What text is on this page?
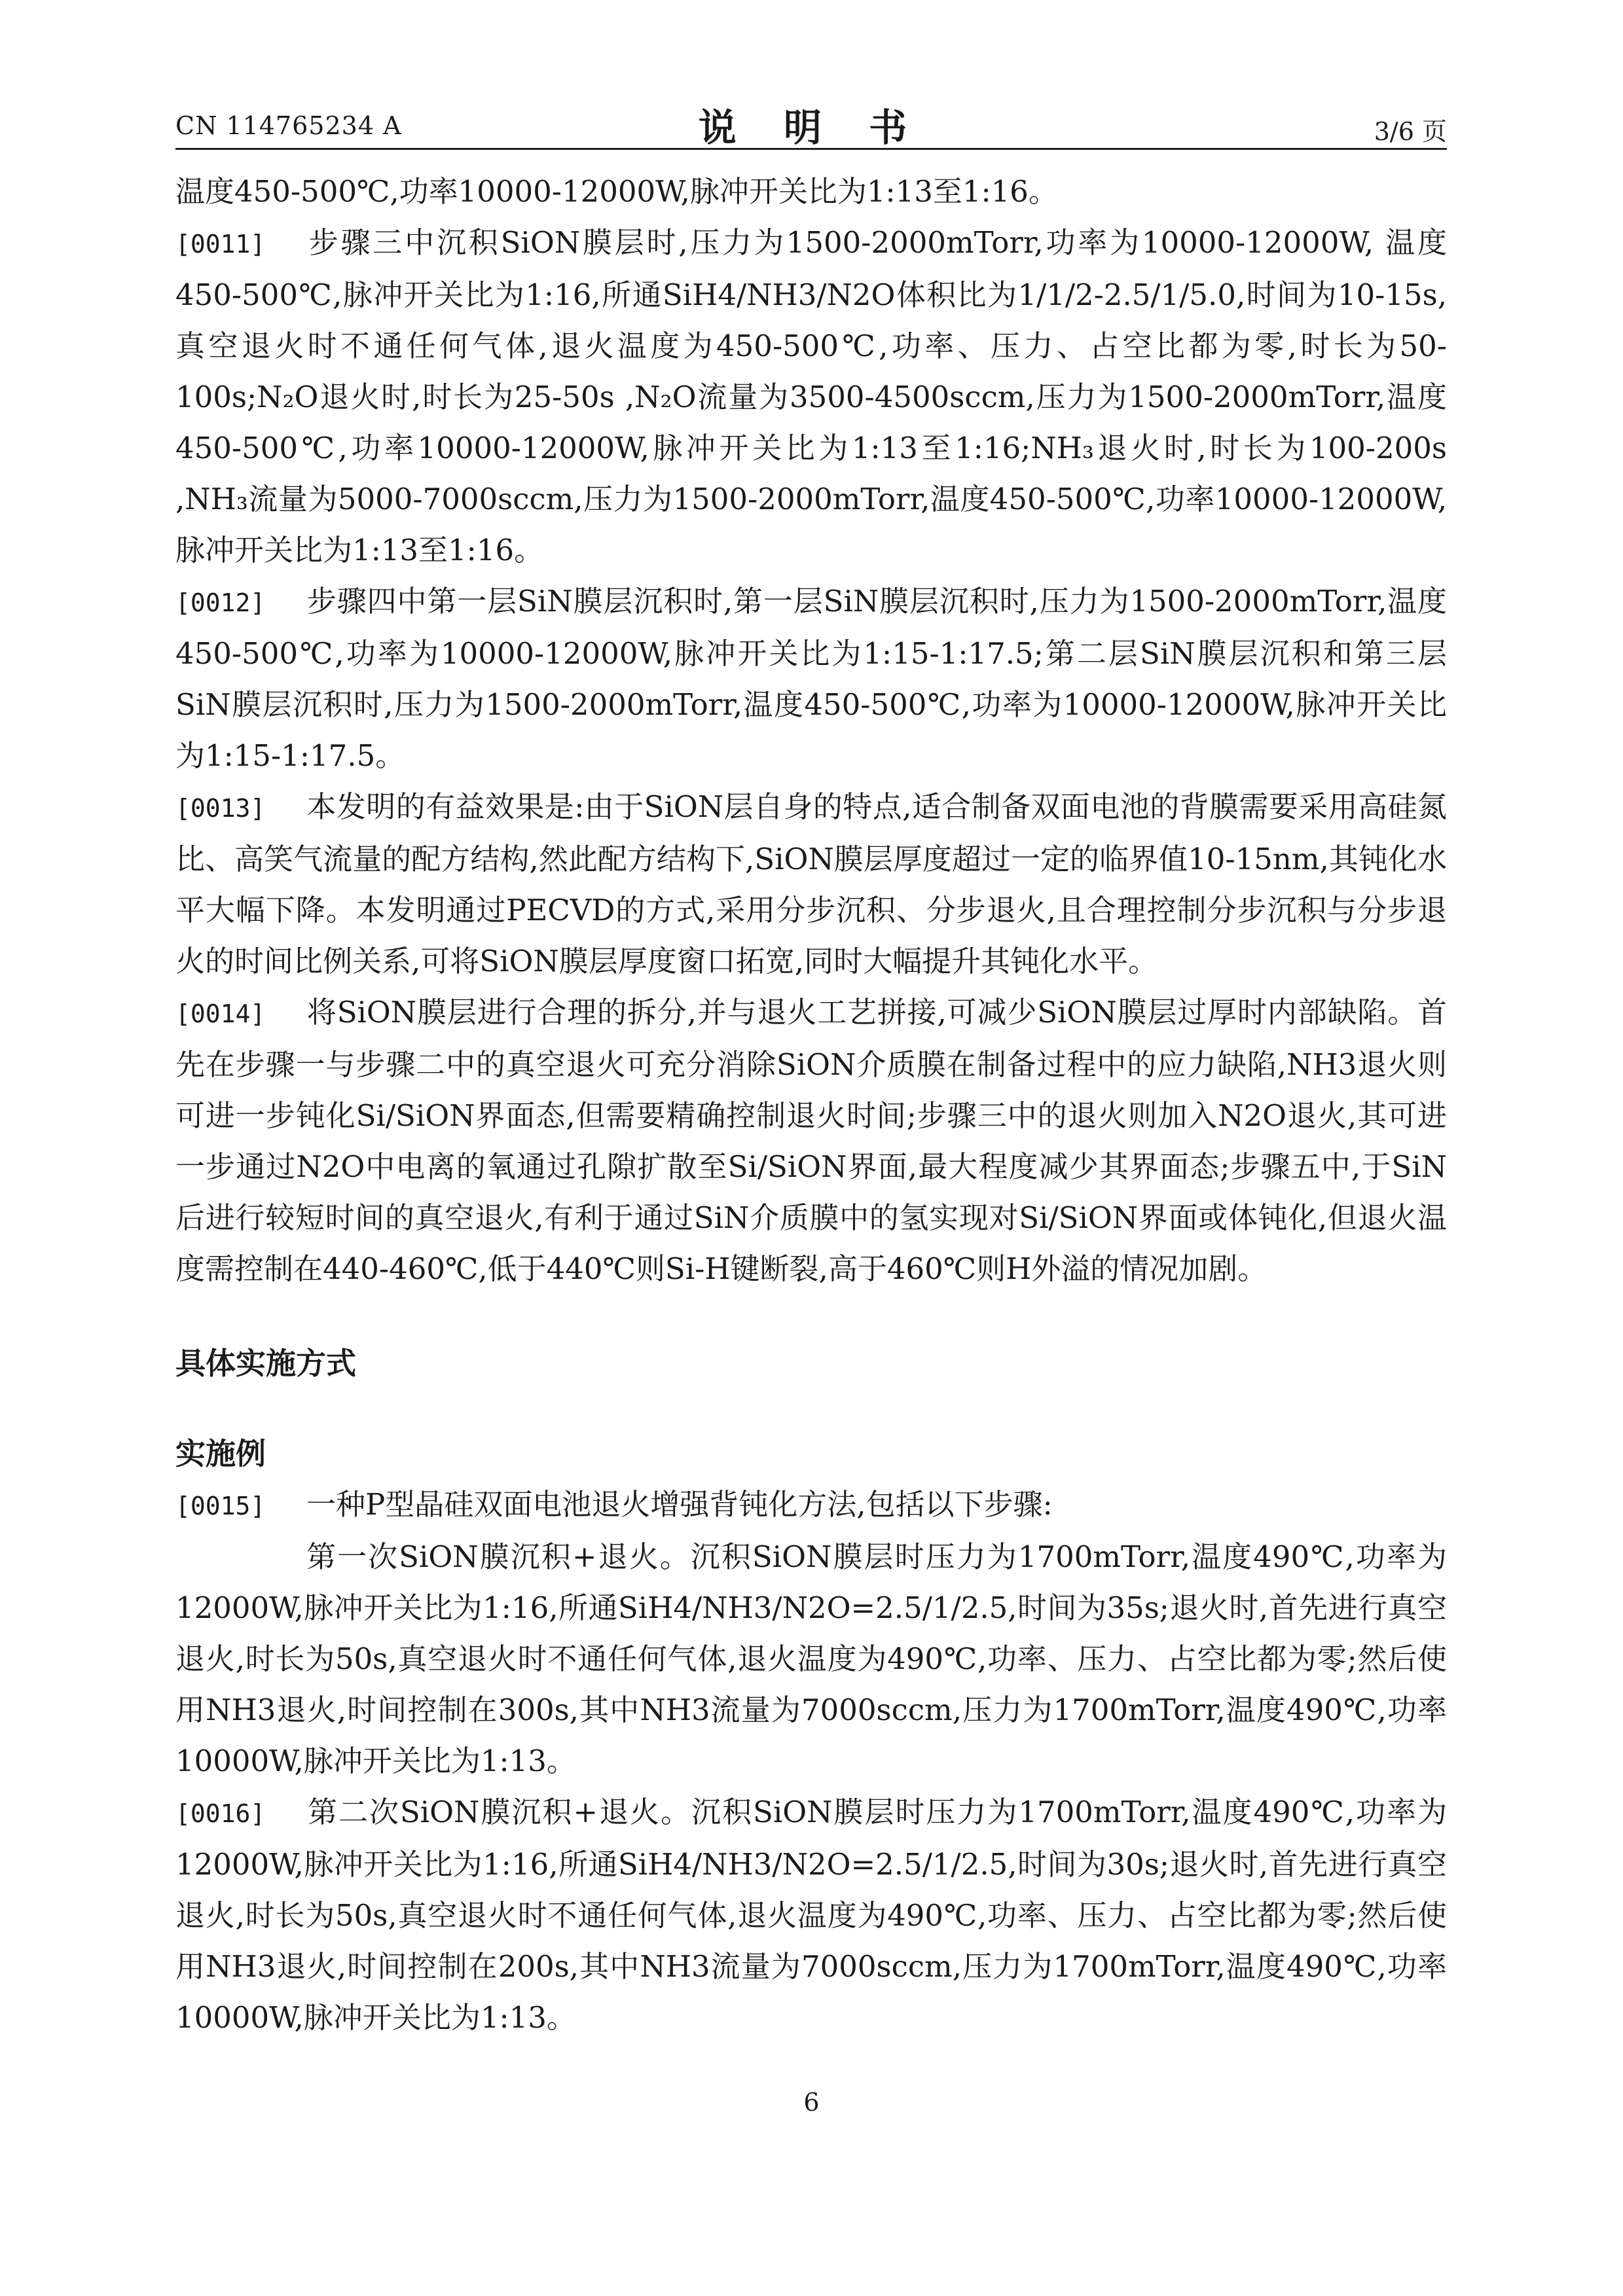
CN 114765234 A	说 明 书	3/6 页

温度450-500℃,功率10000-12000W,脉冲开关比为1:13至1:16。

[0011] 步骤三中沉积SiON膜层时,压力为1500-2000mTorr,功率为10000-12000W, 温度450-500℃,脉冲开关比为1:16,所通SiH4/NH3/N2O体积比为1/1/2-2.5/1/5.0,时间为10-15s,真空退火时不通任何气体,退火温度为450-500℃,功率、压力、占空比都为零,时长为50-100s;N₂O退火时,时长为25-50s ,N₂O流量为3500-4500sccm,压力为1500-2000mTorr,温度450-500℃,功率10000-12000W,脉冲开关比为1:13至1:16;NH₃退火时,时长为100-200s ,NH₃流量为5000-7000sccm,压力为1500-2000mTorr,温度450-500℃,功率10000-12000W,脉冲开关比为1:13至1:16。

[0012] 步骤四中第一层SiN膜层沉积时,第一层SiN膜层沉积时,压力为1500-2000mTorr,温度450-500℃,功率为10000-12000W,脉冲开关比为1:15-1:17.5;第二层SiN膜层沉积和第三层SiN膜层沉积时,压力为1500-2000mTorr,温度450-500℃,功率为10000-12000W,脉冲开关比为1:15-1:17.5。

[0013] 本发明的有益效果是:由于SiON层自身的特点,适合制备双面电池的背膜需要采用高硅氮比、高笑气流量的配方结构,然此配方结构下,SiON膜层厚度超过一定的临界值10-15nm,其钝化水平大幅下降。本发明通过PECVD的方式,采用分步沉积、分步退火,且合理控制分步沉积与分步退火的时间比例关系,可将SiON膜层厚度窗口拓宽,同时大幅提升其钝化水平。

[0014] 将SiON膜层进行合理的拆分,并与退火工艺拼接,可减少SiON膜层过厚时内部缺陷。首先在步骤一与步骤二中的真空退火可充分消除SiON介质膜在制备过程中的应力缺陷,NH3退火则可进一步钝化Si/SiON界面态,但需要精确控制退火时间;步骤三中的退火则加入N2O退火,其可进一步通过N2O中电离的氧通过孔隙扩散至Si/SiON界面,最大程度减少其界面态;步骤五中,于SiN后进行较短时间的真空退火,有利于通过SiN介质膜中的氢实现对Si/SiON界面或体钝化,但退火温度需控制在440-460℃,低于440℃则Si-H键断裂,高于460℃则H外溢的情况加剧。

具体实施方式

实施例

[0015] 一种P型晶硅双面电池退火增强背钝化方法,包括以下步骤:

第一次SiON膜沉积+退火。沉积SiON膜层时压力为1700mTorr,温度490℃,功率为12000W,脉冲开关比为1:16,所通SiH4/NH3/N2O=2.5/1/2.5,时间为35s;退火时,首先进行真空退火,时长为50s,真空退火时不通任何气体,退火温度为490℃,功率、压力、占空比都为零;然后使用NH3退火,时间控制在300s,其中NH3流量为7000sccm,压力为1700mTorr,温度490℃,功率10000W,脉冲开关比为1:13。

[0016] 第二次SiON膜沉积+退火。沉积SiON膜层时压力为1700mTorr,温度490℃,功率为12000W,脉冲开关比为1:16,所通SiH4/NH3/N2O=2.5/1/2.5,时间为30s;退火时,首先进行真空退火,时长为50s,真空退火时不通任何气体,退火温度为490℃,功率、压力、占空比都为零;然后使用NH3退火,时间控制在200s,其中NH3流量为7000sccm,压力为1700mTorr,温度490℃,功率10000W,脉冲开关比为1:13。

6
